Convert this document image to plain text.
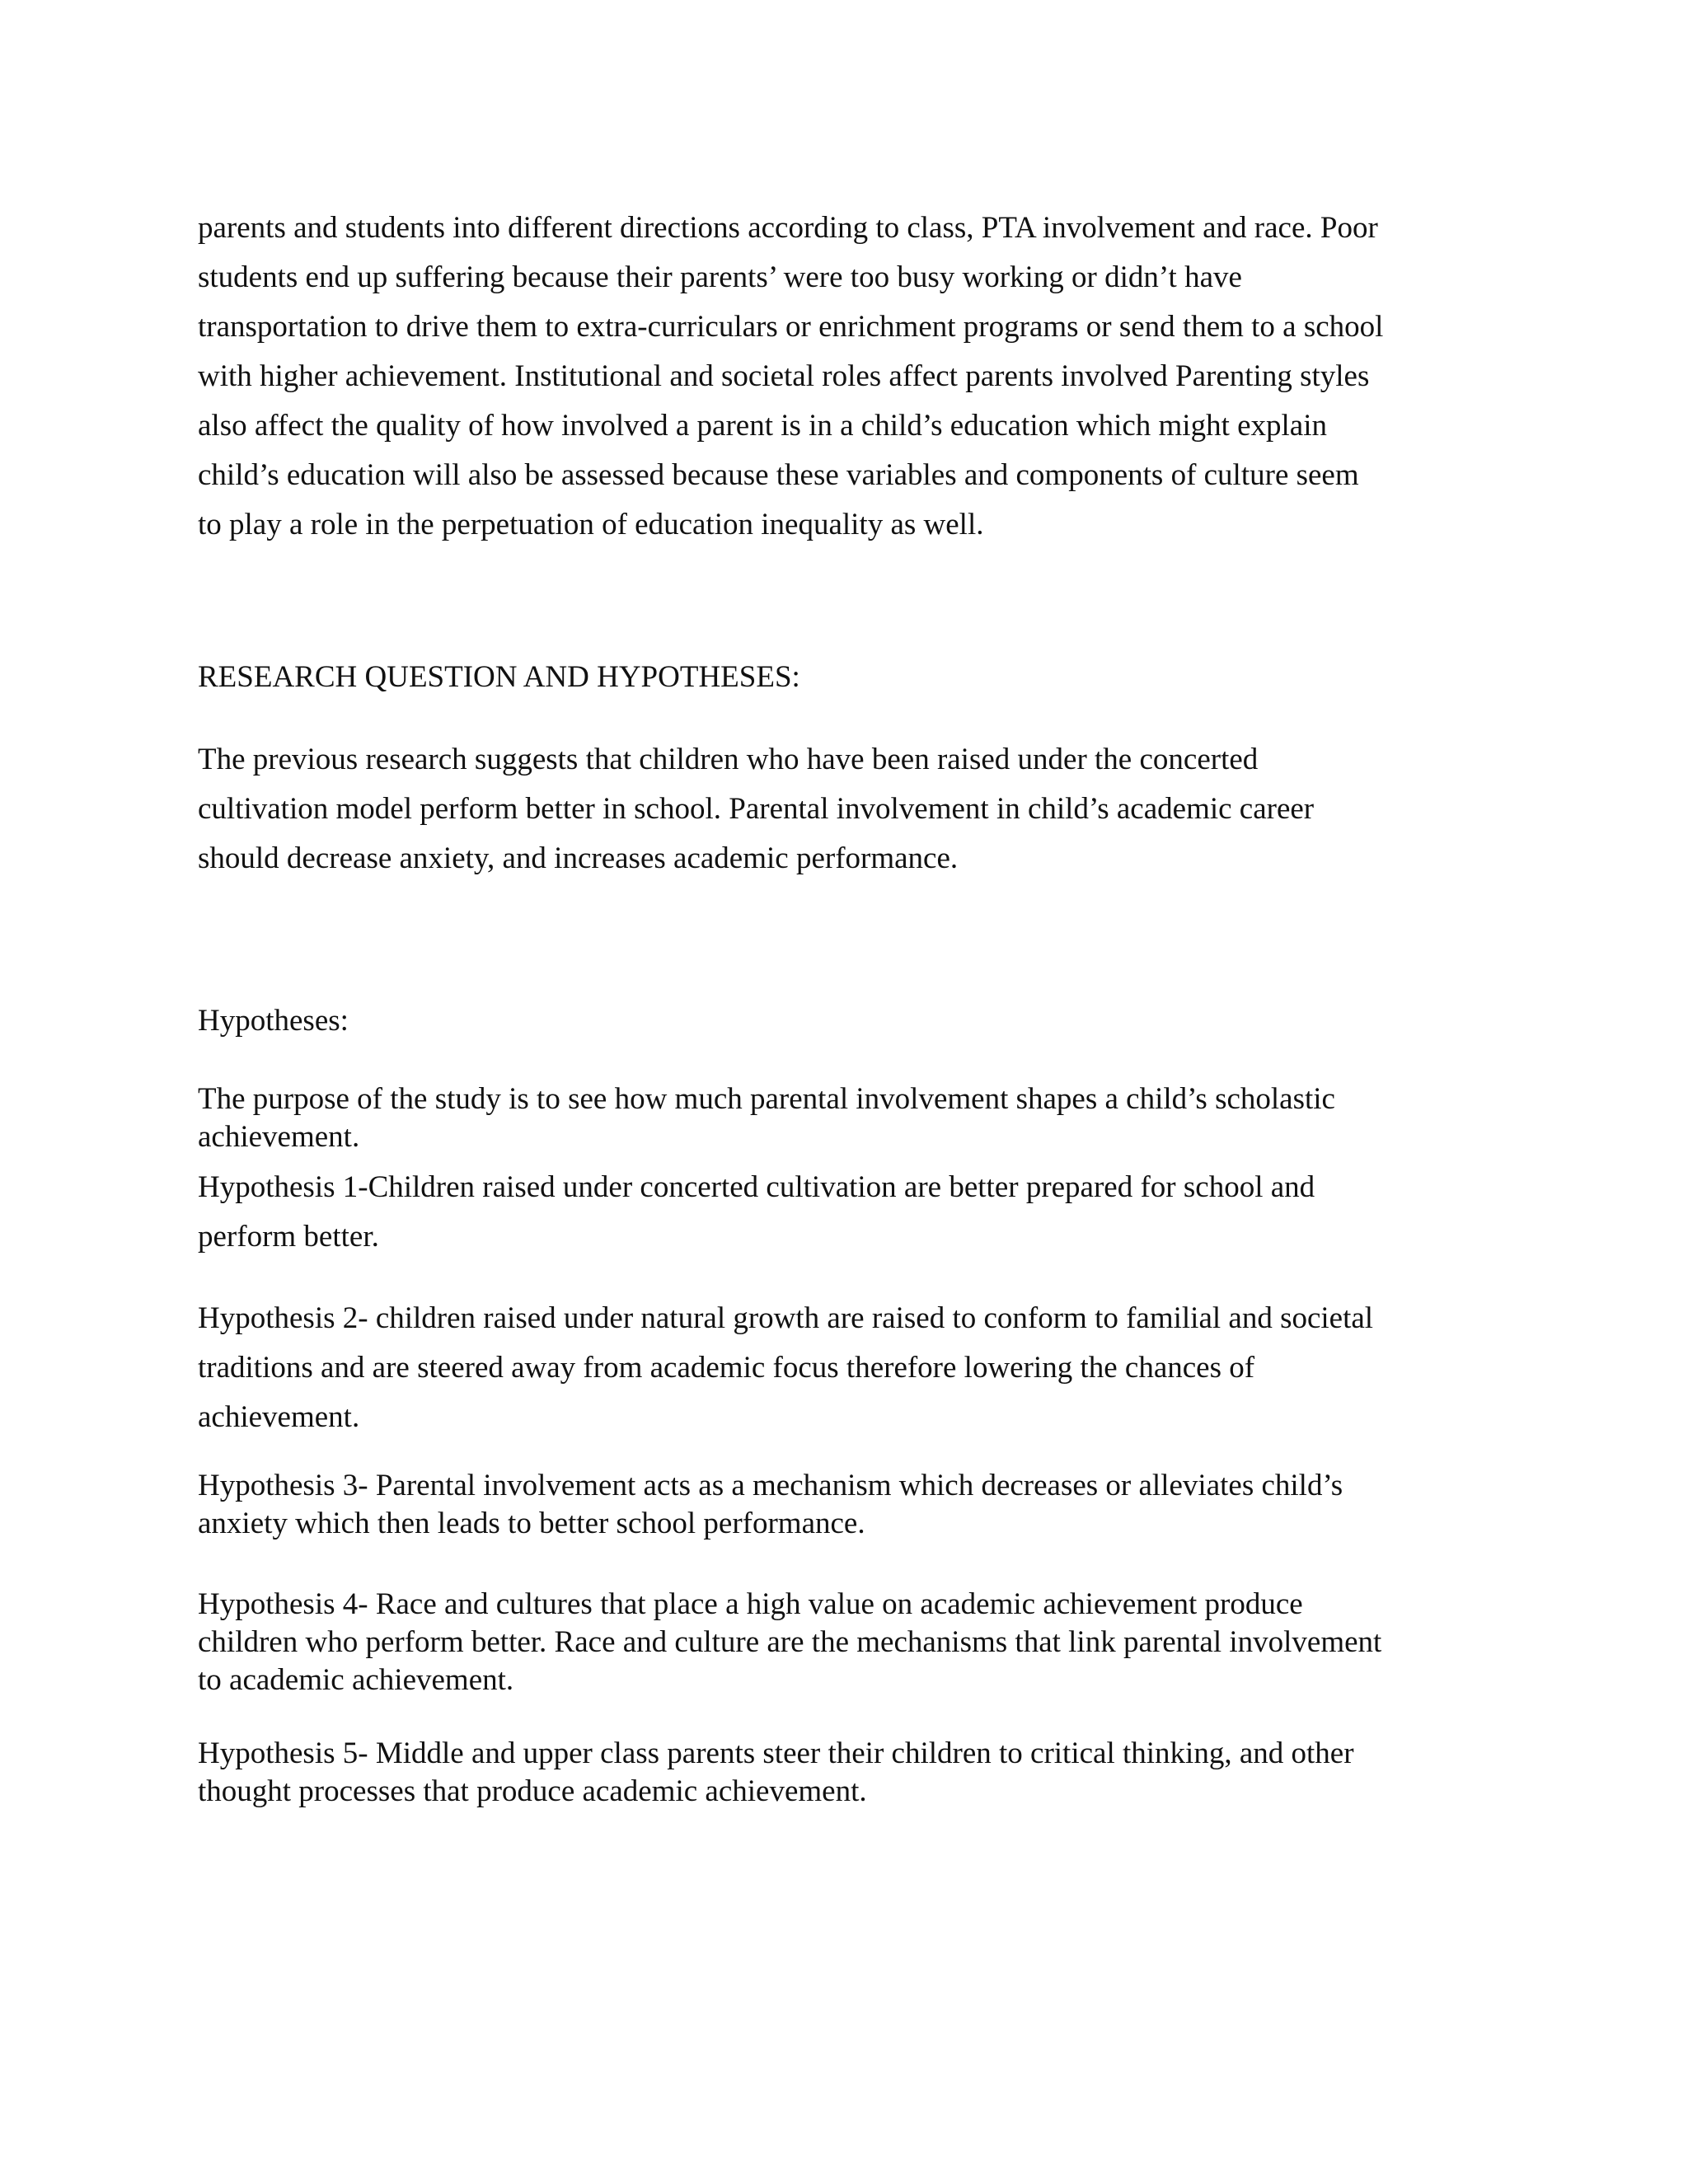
parents and students into different directions according to class, PTA involvement and race. Poor
students end up suffering because their parents’ were too busy working or didn’t have
transportation to drive them to extra-curriculars or enrichment programs or send them to a school
with higher achievement. Institutional and societal roles affect parents involved Parenting styles
also affect the quality of how involved a parent is in a child’s education which might explain
child’s education will also be assessed because these variables and components of culture seem
to play a role in the perpetuation of education inequality as well.

RESEARCH QUESTION AND HYPOTHESES:

The previous research suggests that children who have been raised under the concerted
cultivation model perform better in school. Parental involvement in child’s academic career
should decrease anxiety, and increases academic performance.

Hypotheses:

The purpose of the study is to see how much parental involvement shapes a child’s scholastic
achievement.

Hypothesis 1-Children raised under concerted cultivation are better prepared for school and
perform better.

Hypothesis 2- children raised under natural growth are raised to conform to familial and societal
traditions and are steered away from academic focus therefore lowering the chances of
achievement.

Hypothesis 3- Parental involvement acts as a mechanism which decreases or alleviates child’s
anxiety which then leads to better school performance.

Hypothesis 4- Race and cultures that place a high value on academic achievement produce
children who perform better. Race and culture are the mechanisms that link parental involvement
to academic achievement.

Hypothesis 5- Middle and upper class parents steer their children to critical thinking, and other
thought processes that produce academic achievement.
